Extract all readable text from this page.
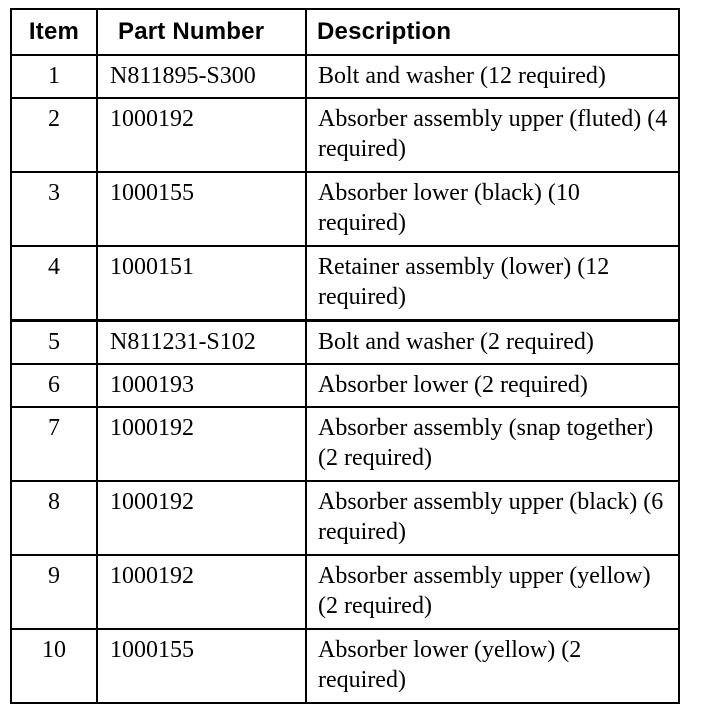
Item	Part Number	Description
1	N811895-S300	Bolt and washer (12 required)
2	1000192	Absorber assembly upper (fluted) (4 required)
3	1000155	Absorber lower (black) (10 required)
4	1000151	Retainer assembly (lower) (12 required)
5	N811231-S102	Bolt and washer (2 required)
6	1000193	Absorber lower (2 required)
7	1000192	Absorber assembly (snap together) (2 required)
8	1000192	Absorber assembly upper (black) (6 required)
9	1000192	Absorber assembly upper (yellow) (2 required)
10	1000155	Absorber lower (yellow) (2 required)
